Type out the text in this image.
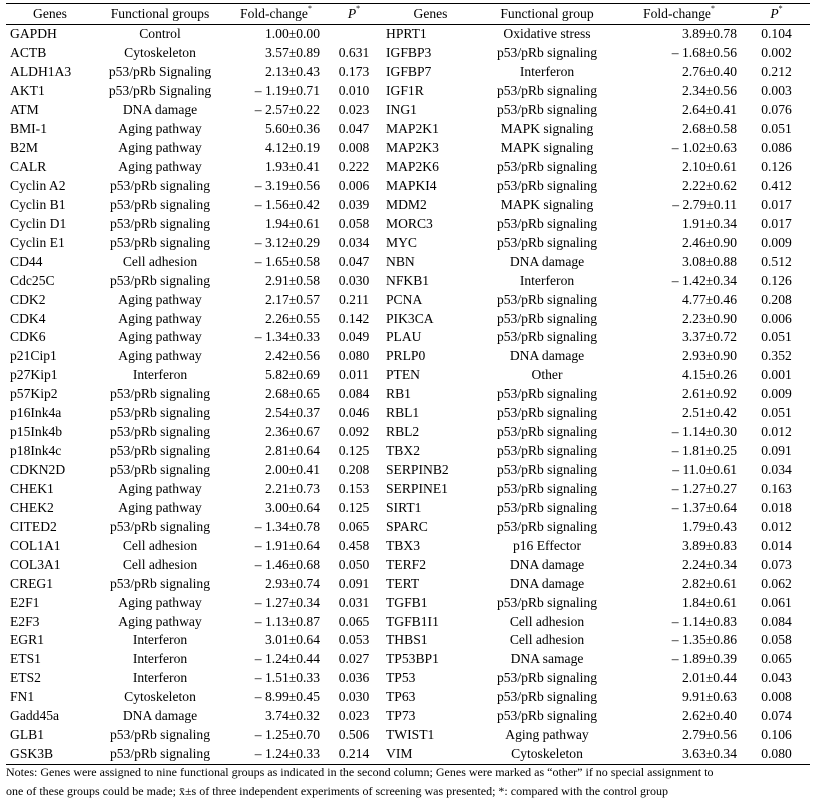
Genes	Functional groups	Fold-change*	P*	Genes	Functional group	Fold-change*	P*
GAPDH	Control	1.00±0.00		HPRT1	Oxidative stress	3.89±0.78	0.104
ACTB	Cytoskeleton	3.57±0.89	0.631	IGFBP3	p53/pRb signaling	– 1.68±0.56	0.002
ALDH1A3	p53/pRb Signaling	2.13±0.43	0.173	IGFBP7	Interferon	2.76±0.40	0.212
AKT1	p53/pRb Signaling	– 1.19±0.71	0.010	IGF1R	p53/pRb signaling	2.34±0.56	0.003
ATM	DNA damage	– 2.57±0.22	0.023	ING1	p53/pRb signaling	2.64±0.41	0.076
BMI-1	Aging pathway	5.60±0.36	0.047	MAP2K1	MAPK signaling	2.68±0.58	0.051
B2M	Aging pathway	4.12±0.19	0.008	MAP2K3	MAPK signaling	– 1.02±0.63	0.086
CALR	Aging pathway	1.93±0.41	0.222	MAP2K6	p53/pRb signaling	2.10±0.61	0.126
Cyclin A2	p53/pRb signaling	– 3.19±0.56	0.006	MAPKI4	p53/pRb signaling	2.22±0.62	0.412
Cyclin B1	p53/pRb signaling	– 1.56±0.42	0.039	MDM2	MAPK signaling	– 2.79±0.11	0.017
Cyclin D1	p53/pRb signaling	1.94±0.61	0.058	MORC3	p53/pRb signaling	1.91±0.34	0.017
Cyclin E1	p53/pRb signaling	– 3.12±0.29	0.034	MYC	p53/pRb signaling	2.46±0.90	0.009
CD44	Cell adhesion	– 1.65±0.58	0.047	NBN	DNA damage	3.08±0.88	0.512
Cdc25C	p53/pRb signaling	2.91±0.58	0.030	NFKB1	Interferon	– 1.42±0.34	0.126
CDK2	Aging pathway	2.17±0.57	0.211	PCNA	p53/pRb signaling	4.77±0.46	0.208
CDK4	Aging pathway	2.26±0.55	0.142	PIK3CA	p53/pRb signaling	2.23±0.90	0.006
CDK6	Aging pathway	– 1.34±0.33	0.049	PLAU	p53/pRb signaling	3.37±0.72	0.051
p21Cip1	Aging pathway	2.42±0.56	0.080	PRLP0	DNA damage	2.93±0.90	0.352
p27Kip1	Interferon	5.82±0.69	0.011	PTEN	Other	4.15±0.26	0.001
p57Kip2	p53/pRb signaling	2.68±0.65	0.084	RB1	p53/pRb signaling	2.61±0.92	0.009
p16Ink4a	p53/pRb signaling	2.54±0.37	0.046	RBL1	p53/pRb signaling	2.51±0.42	0.051
p15Ink4b	p53/pRb signaling	2.36±0.67	0.092	RBL2	p53/pRb signaling	– 1.14±0.30	0.012
p18Ink4c	p53/pRb signaling	2.81±0.64	0.125	TBX2	p53/pRb signaling	– 1.81±0.25	0.091
CDKN2D	p53/pRb signaling	2.00±0.41	0.208	SERPINB2	p53/pRb signaling	– 11.0±0.61	0.034
CHEK1	Aging pathway	2.21±0.73	0.153	SERPINE1	p53/pRb signaling	– 1.27±0.27	0.163
CHEK2	Aging pathway	3.00±0.64	0.125	SIRT1	p53/pRb signaling	– 1.37±0.64	0.018
CITED2	p53/pRb signaling	– 1.34±0.78	0.065	SPARC	p53/pRb signaling	1.79±0.43	0.012
COL1A1	Cell adhesion	– 1.91±0.64	0.458	TBX3	p16 Effector	3.89±0.83	0.014
COL3A1	Cell adhesion	– 1.46±0.68	0.050	TERF2	DNA damage	2.24±0.34	0.073
CREG1	p53/pRb signaling	2.93±0.74	0.091	TERT	DNA damage	2.82±0.61	0.062
E2F1	Aging pathway	– 1.27±0.34	0.031	TGFB1	p53/pRb signaling	1.84±0.61	0.061
E2F3	Aging pathway	– 1.13±0.87	0.065	TGFB1I1	Cell adhesion	– 1.14±0.83	0.084
EGR1	Interferon	3.01±0.64	0.053	THBS1	Cell adhesion	– 1.35±0.86	0.058
ETS1	Interferon	– 1.24±0.44	0.027	TP53BP1	DNA samage	– 1.89±0.39	0.065
ETS2	Interferon	– 1.51±0.33	0.036	TP53	p53/pRb signaling	2.01±0.44	0.043
FN1	Cytoskeleton	– 8.99±0.45	0.030	TP63	p53/pRb signaling	9.91±0.63	0.008
Gadd45a	DNA damage	3.74±0.32	0.023	TP73	p53/pRb signaling	2.62±0.40	0.074
GLB1	p53/pRb signaling	– 1.25±0.70	0.506	TWIST1	Aging pathway	2.79±0.56	0.106
GSK3B	p53/pRb signaling	– 1.24±0.33	0.214	VIM	Cytoskeleton	3.63±0.34	0.080
Notes: Genes were assigned to nine functional groups as indicated in the second column; Genes were marked as “other” if no special assignment to
one of these groups could be made; x̄±s of three independent experiments of screening was presented; *: compared with the control group
